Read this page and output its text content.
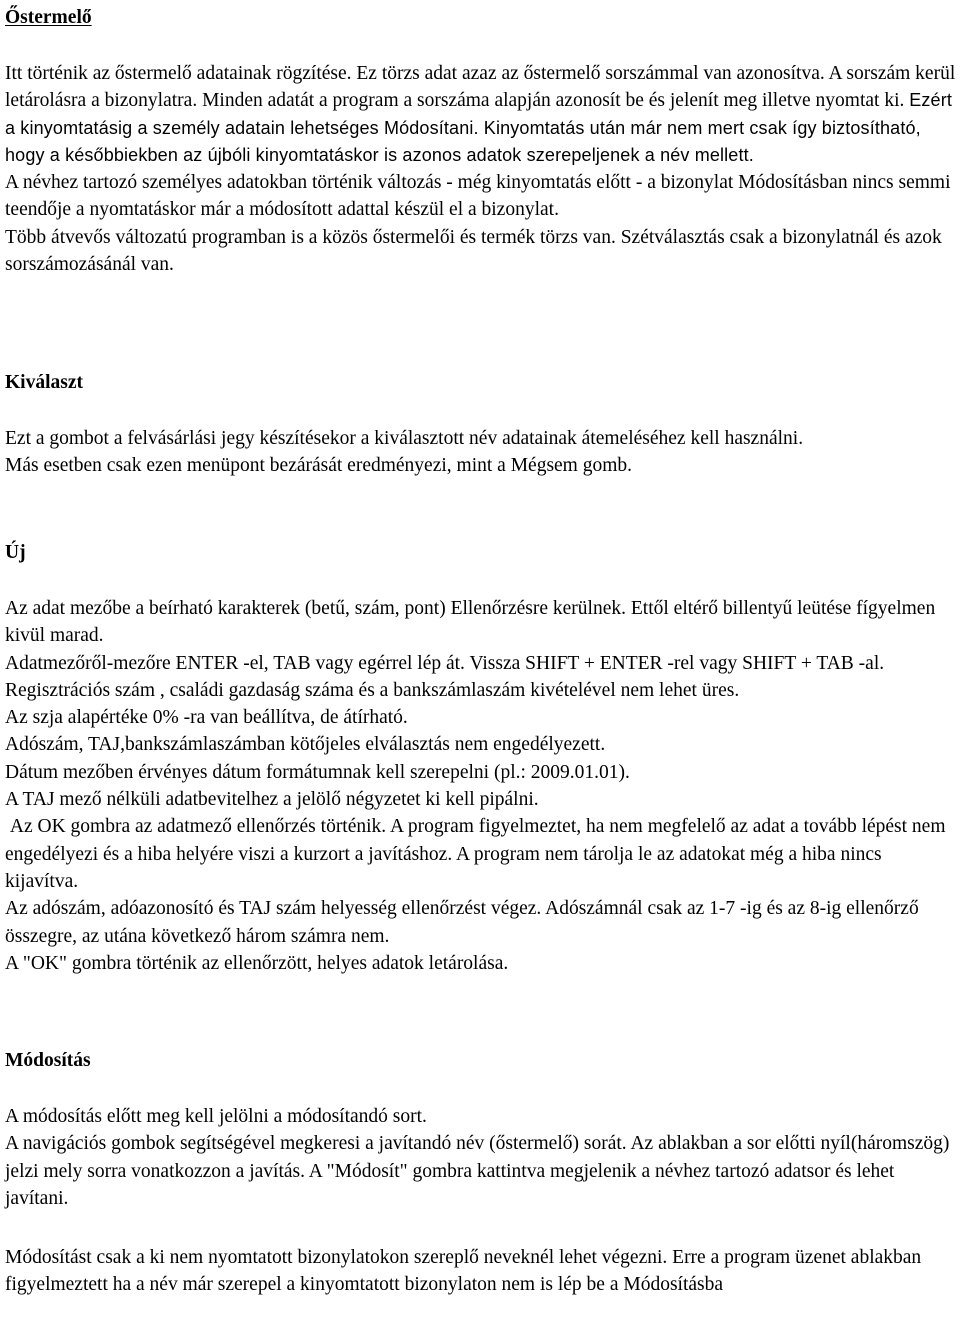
Őstermelő

Itt történik az őstermelő adatainak rögzítése. Ez törzs adat azaz az őstermelő sorszámmal van azonosítva. A sorszám kerül letárolásra a bizonylatra. Minden adatát a program a sorszáma alapján azonosít be és jelenít meg illetve nyomtat ki. Ezért a kinyomtatásig a személy adatain lehetséges Módosítani. Kinyomtatás után már nem mert csak így biztosítható, hogy a későbbiekben az újbóli kinyomtatáskor is azonos adatok szerepeljenek a név mellett.

A névhez tartozó személyes adatokban történik változás - még kinyomtatás előtt - a bizonylat Módosításban nincs semmi teendője a nyomtatáskor már a módosított adattal készül el a bizonylat.

Több átvevős változatú programban is a közös őstermelői és termék törzs van. Szétválasztás csak a bizonylatnál és azok sorszámozásánál van.

Kiválaszt

Ezt a gombot a felvásárlási jegy készítésekor a kiválasztott név adatainak átemeléséhez kell használni.

Más esetben csak ezen menüpont bezárását eredményezi, mint a Mégsem gomb.

Új

Az adat mezőbe a beírható karakterek (betű, szám, pont) Ellenőrzésre kerülnek. Ettől eltérő billentyű leütése fígyelmen kivül marad.

Adatmezőről-mezőre ENTER -el, TAB vagy egérrel lép át. Vissza SHIFT + ENTER -rel vagy SHIFT + TAB -al.

Regisztrációs szám , családi gazdaság száma és a bankszámlaszám kivételével nem lehet üres.

Az szja alapértéke 0% -ra van beállítva, de átírható.

Adószám, TAJ,bankszámlaszámban kötőjeles elválasztás nem engedélyezett.

Dátum mezőben érvényes dátum formátumnak kell szerepelni (pl.: 2009.01.01).

A TAJ mező nélküli adatbevitelhez a jelölő négyzetet ki kell pipálni.

Az OK gombra az adatmező ellenőrzés történik. A program figyelmeztet, ha nem megfelelő az adat a tovább lépést nem engedélyezi és a hiba helyére viszi a kurzort a javításhoz. A program nem tárolja le az adatokat még a hiba nincs kijavítva.

Az adószám, adóazonosító és TAJ szám helyesség ellenőrzést végez. Adószámnál csak az 1-7 -ig és az 8-ig ellenőrző összegre, az utána következő három számra nem.

A "OK" gombra történik az ellenőrzött, helyes adatok letárolása.

Módosítás

A módosítás előtt meg kell jelölni a módosítandó sort.

A navigációs gombok segítségével megkeresi a javítandó név (őstermelő) sorát. Az ablakban a sor előtti nyíl(háromszög) jelzi mely sorra vonatkozzon a javítás. A "Módosít" gombra kattintva megjelenik a névhez tartozó adatsor és lehet javítani.

Módosítást csak a ki nem nyomtatott bizonylatokon szereplő neveknél lehet végezni. Erre a program üzenet ablakban figyelmeztett ha a név már szerepel a kinyomtatott bizonylaton nem is lép be a Módosításba
